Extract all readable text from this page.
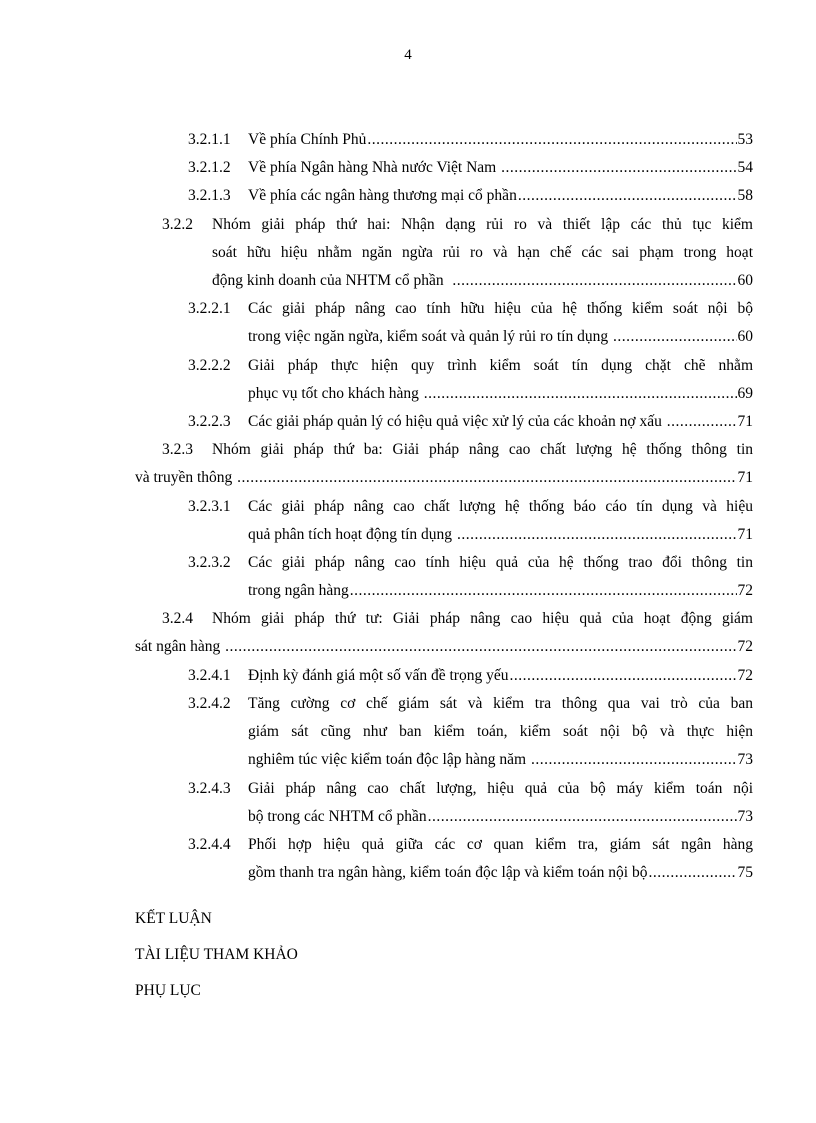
4
3.2.1.1 Về phía Chính Phủ .....	53
3.2.1.2 Về phía Ngân hàng Nhà nước Việt Nam .....	54
3.2.1.3 Về phía các ngân hàng thương mại cổ phần .....	58
3.2.2 Nhóm giải pháp thứ hai: Nhận dạng rủi ro và thiết lập các thủ tục kiểm
soát hữu hiệu nhằm ngăn ngừa rủi ro và hạn chế các sai phạm trong hoạt
động kinh doanh của NHTM cổ phần .....	60
3.2.2.1 Các giải pháp nâng cao tính hữu hiệu của hệ thống kiểm soát nội bộ
trong việc ngăn ngừa, kiểm soát và quản lý rủi ro tín dụng .....	60
3.2.2.2 Giải pháp thực hiện quy trình kiểm soát tín dụng chặt chẽ nhằm
phục vụ tốt cho khách hàng .....	69
3.2.2.3 Các giải pháp quản lý có hiệu quả việc xử lý của các khoản nợ xấu .....	71
3.2.3 Nhóm giải pháp thứ ba: Giải pháp nâng cao chất lượng hệ thống thông tin
và truyền thông .....	71
3.2.3.1 Các giải pháp nâng cao chất lượng hệ thống báo cáo tín dụng và hiệu
quả phân tích hoạt động tín dụng .....	71
3.2.3.2 Các giải pháp nâng cao tính hiệu quả của hệ thống trao đổi thông tin
trong ngân hàng .....	72
3.2.4 Nhóm giải pháp thứ tư: Giải pháp nâng cao hiệu quả của hoạt động giám
sát ngân hàng .....	72
3.2.4.1 Định kỳ đánh giá một số vấn đề trọng yếu .....	72
3.2.4.2 Tăng cường cơ chế giám sát và kiểm tra thông qua vai trò của ban
giám sát cũng như ban kiểm toán, kiểm soát nội bộ và thực hiện
nghiêm túc việc kiểm toán độc lập hàng năm .....	73
3.2.4.3 Giải pháp nâng cao chất lượng, hiệu quả của bộ máy kiểm toán nội
bộ trong các NHTM cổ phần .....	73
3.2.4.4 Phối hợp hiệu quả giữa các cơ quan kiểm tra, giám sát ngân hàng
gồm thanh tra ngân hàng, kiểm toán độc lập và kiểm toán nội bộ .....	75
KẾT LUẬN
TÀI LIỆU THAM KHẢO
PHỤ LỤC
